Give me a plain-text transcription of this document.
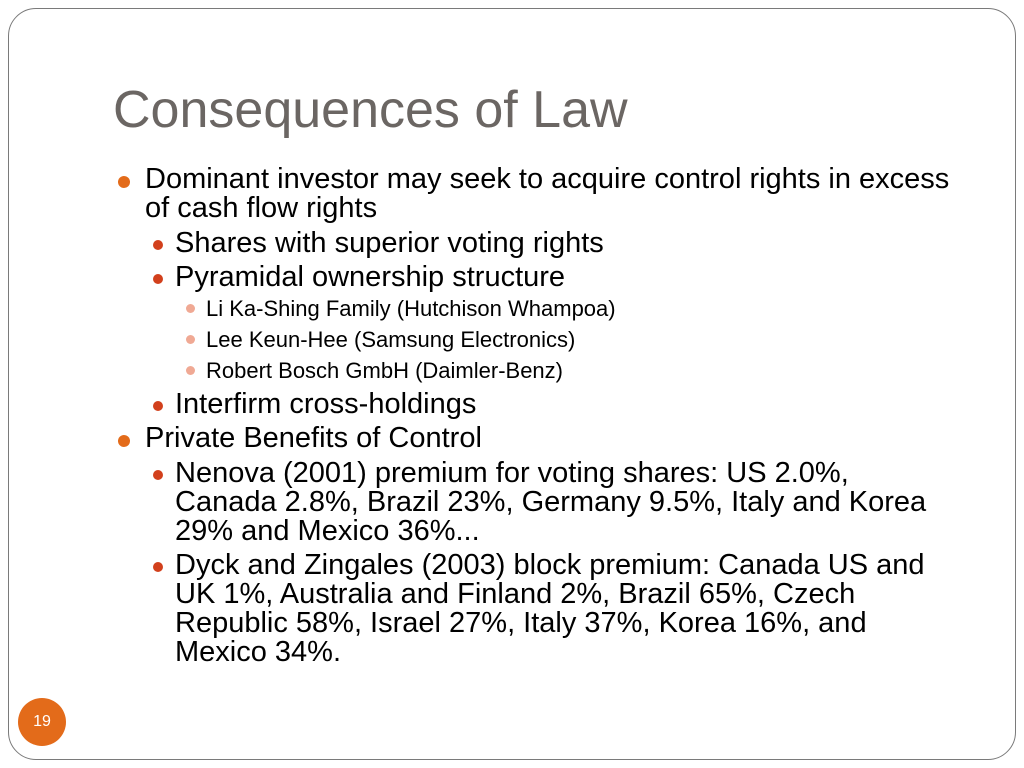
Consequences of Law
Dominant investor may seek to acquire control rights in excess of cash flow rights
Shares with superior voting rights
Pyramidal ownership structure
Li Ka-Shing Family (Hutchison Whampoa)
Lee Keun-Hee (Samsung Electronics)
Robert Bosch GmbH (Daimler-Benz)
Interfirm cross-holdings
Private Benefits of Control
Nenova (2001) premium for voting shares: US 2.0%, Canada 2.8%, Brazil 23%, Germany 9.5%, Italy and Korea 29% and Mexico 36%...
Dyck and Zingales (2003) block premium: Canada US and UK 1%, Australia and Finland 2%, Brazil 65%, Czech Republic 58%, Israel 27%, Italy 37%, Korea 16%, and Mexico 34%.
19
